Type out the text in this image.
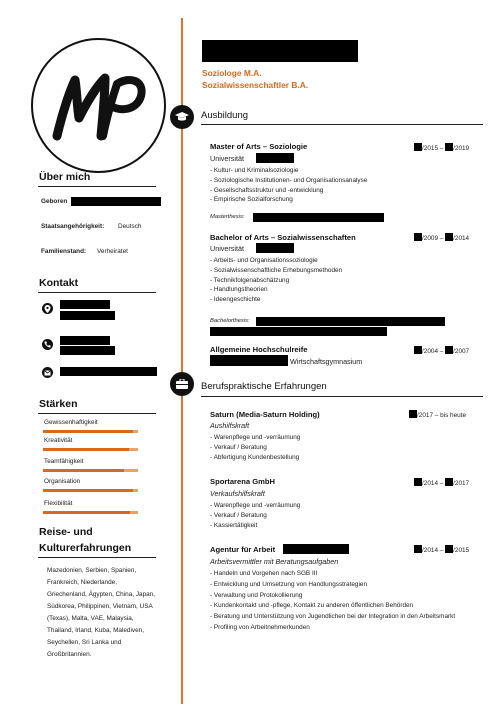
Soziologe M.A.
Sozialwissenschaftler B.A.
Über mich
Geboren
Staatsangehörigkeit: Deutsch
Familienstand: Verheiratet
Kontakt
Stärken
Gewissenhaftigkeit
Kreativität
Teamfähigkeit
Organisation
Flexibilität
Reise- und
Kulturerfahrungen
Mazedonien, Serbien, Spanien, Frankreich, Niederlande, Griechenland, Ägypten, China, Japan, Südkorea, Philippinen, Vietnam, USA (Texas), Malta, VAE, Malaysia, Thailand, Irland, Kuba, Malediven, Seychellen, Sri Lanka und Großbritannien.
Ausbildung
Master of Arts – Soziologie
Universität
/2015 – /2019
- Kultur- und Kriminalsoziologie
- Soziologische Institutionen- und Organisationsanalyse
- Gesellschaftsstruktur und -entwicklung
- Empirische Sozialforschung
Masterthesis:
Bachelor of Arts – Sozialwissenschaften
Universität
/2009 – /2014
- Arbeits- und Organisationssoziologie
- Sozialwissenschaftliche Erhebungsmethoden
- Technikfolgenabschätzung
- Handlungstheorien
- Ideengeschichte
Bachelorthesis:
Allgemeine Hochschulreife
Wirtschaftsgymnasium
/2004 – /2007
Berufspraktische Erfahrungen
Saturn (Media-Saturn Holding)
Aushilfskraft
/2017 – bis heute
- Warenpflege und -verräumung
- Verkauf / Beratung
- Abfertigung Kundenbestellung
Sportarena GmbH
Verkaufshilfskraft
/2014 – /2017
- Warenpflege und -verräumung
- Verkauf / Beratung
- Kassiertätigkeit
Agentur für Arbeit
Arbeitsvermittler mit Beratungsaufgaben
/2014 – /2015
- Handeln und Vorgehen nach SGB III
- Entwicklung und Umsetzung von Handlungsstrategien
- Verwaltung und Protokollierung
- Kundenkontakt und -pflege, Kontakt zu anderen öffentlichen Behörden
- Beratung und Unterstützung von Jugendlichen bei der Integration in den Arbeitsmarkt
- Profiling von Arbeitnehmerkunden
